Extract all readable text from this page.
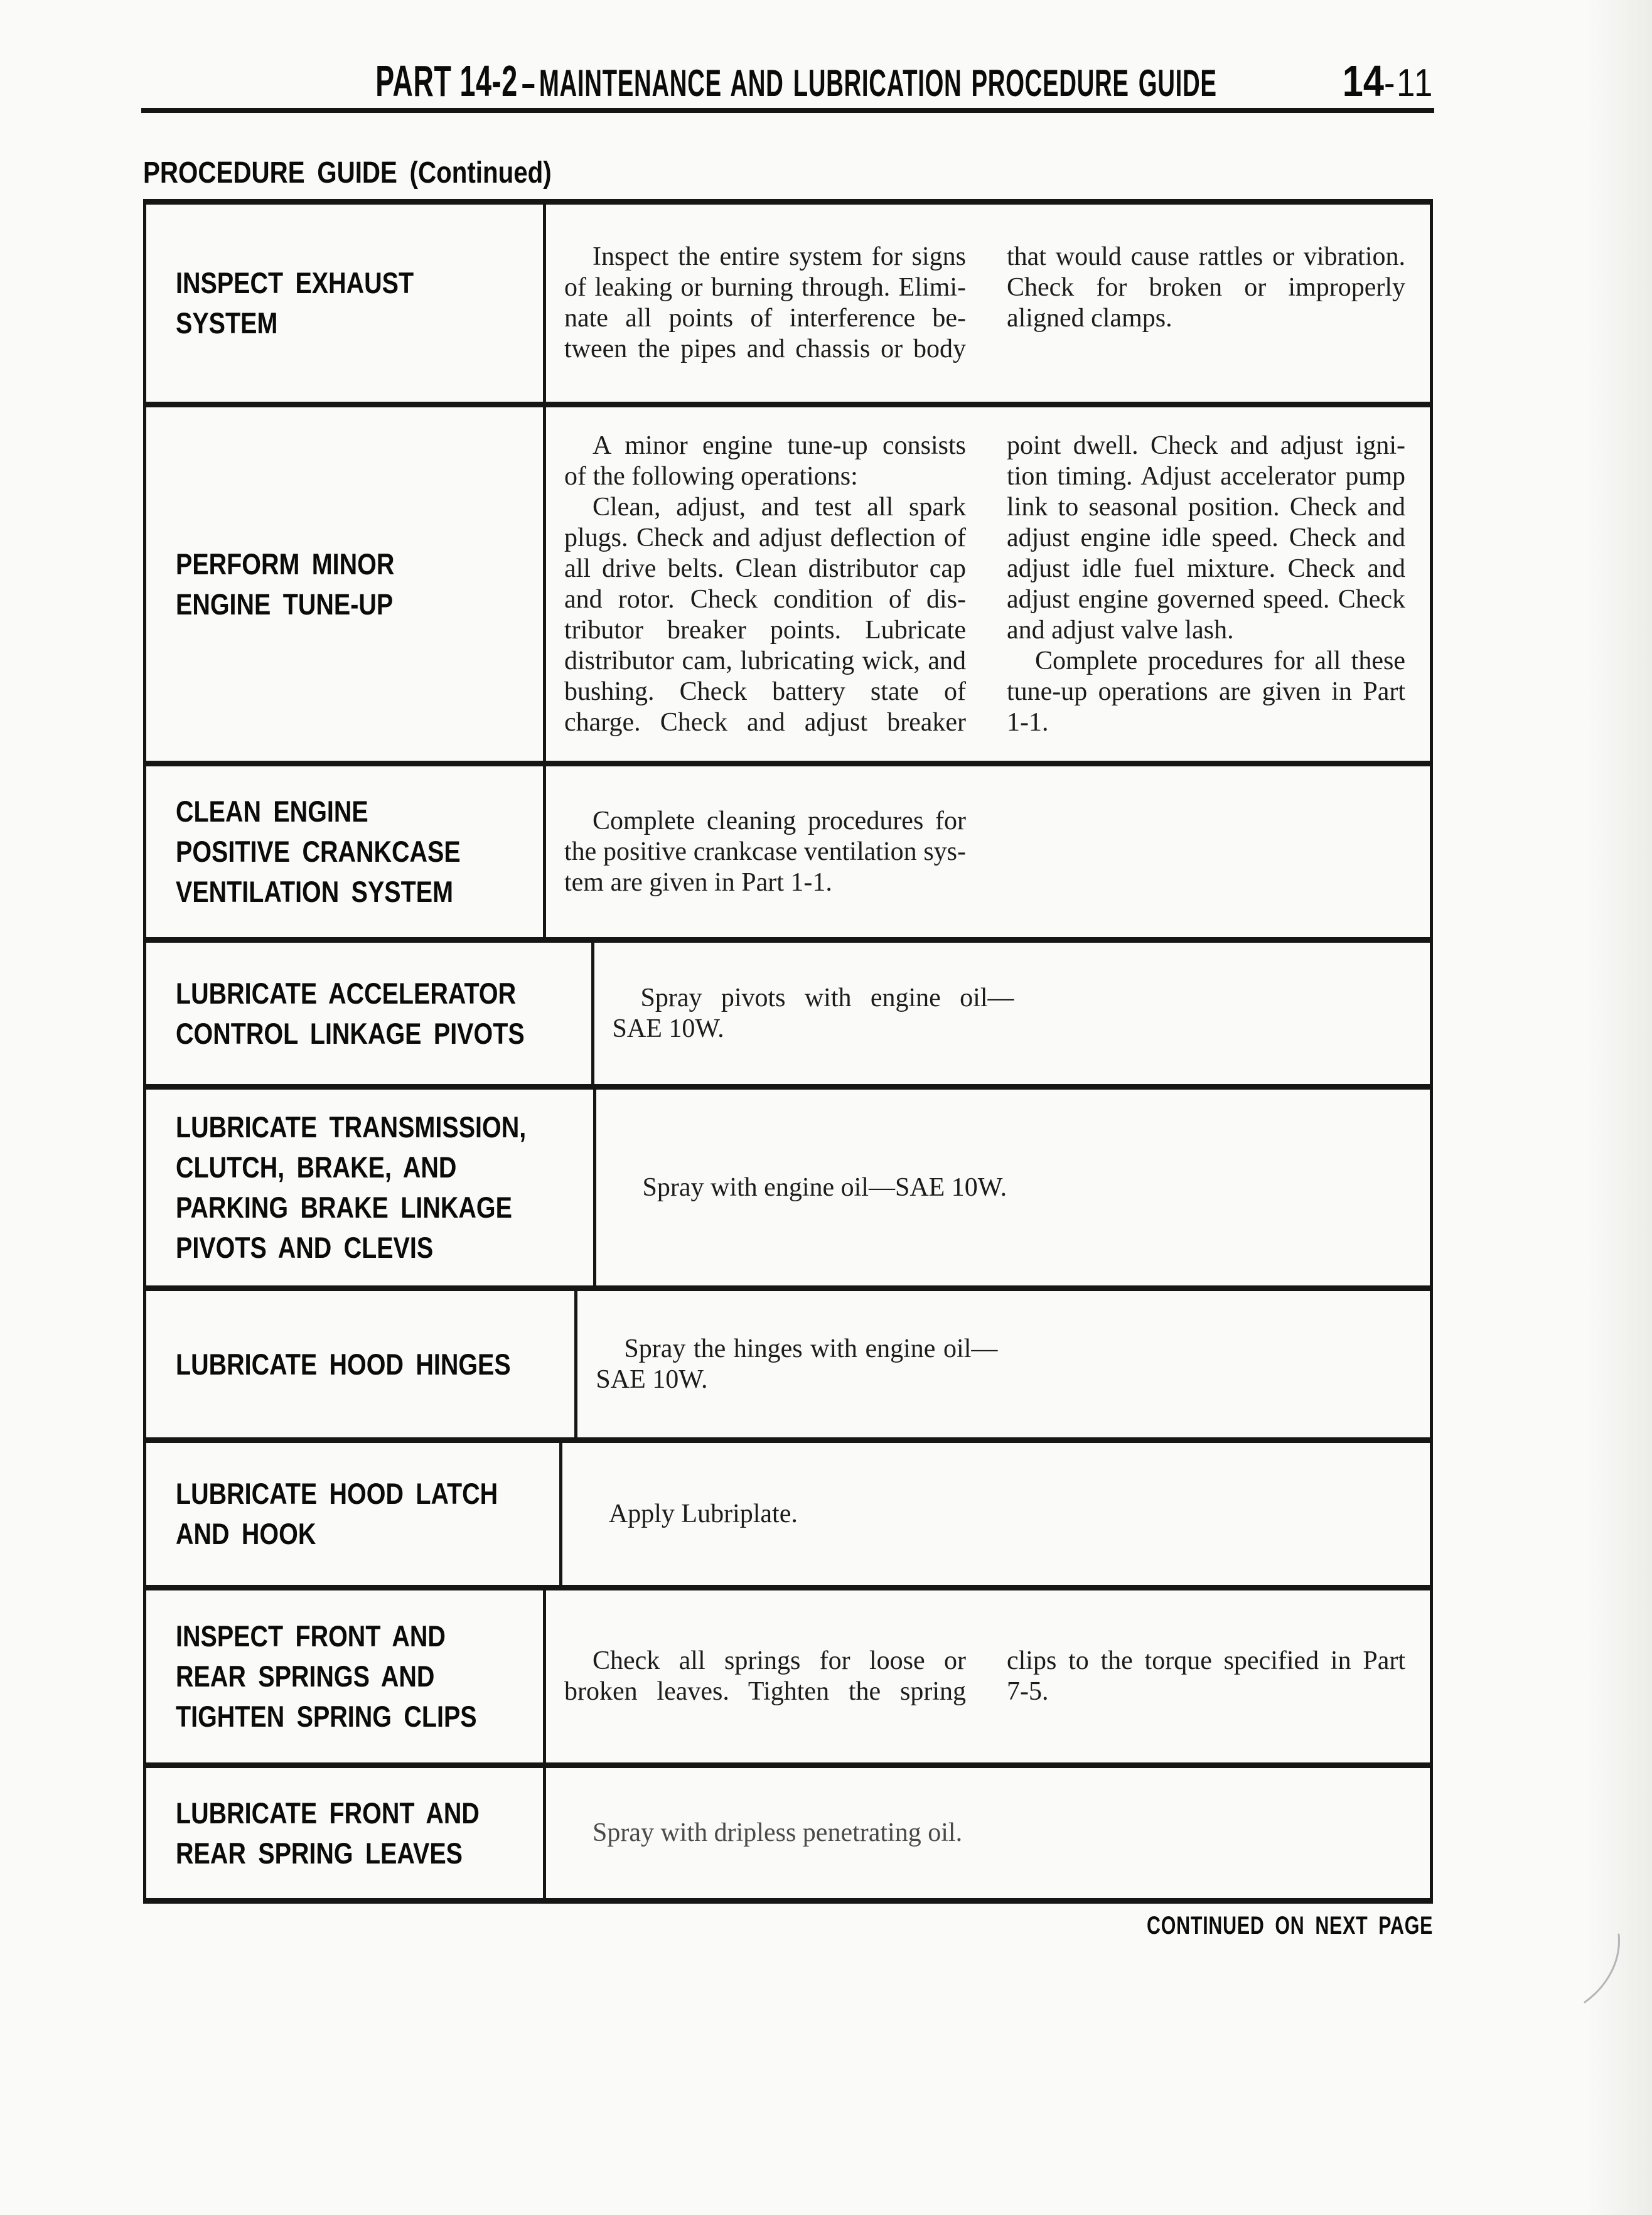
PART 14-2 – MAINTENANCE AND LUBRICATION PROCEDURE GUIDE	14-11
PROCEDURE GUIDE (Continued)
INSPECT EXHAUST
SYSTEM
Inspect the entire system for signs
of leaking or burning through. Elimi-
nate all points of interference be-
tween the pipes and chassis or body
that would cause rattles or vibration.
Check for broken or improperly
aligned clamps.
PERFORM MINOR
ENGINE TUNE-UP
A minor engine tune-up consists
of the following operations:
Clean, adjust, and test all spark
plugs. Check and adjust deflection of
all drive belts. Clean distributor cap
and rotor. Check condition of dis-
tributor breaker points. Lubricate
distributor cam, lubricating wick, and
bushing. Check battery state of
charge. Check and adjust breaker
point dwell. Check and adjust igni-
tion timing. Adjust accelerator pump
link to seasonal position. Check and
adjust engine idle speed. Check and
adjust idle fuel mixture. Check and
adjust engine governed speed. Check
and adjust valve lash.
Complete procedures for all these
tune-up operations are given in Part
1-1.
CLEAN ENGINE
POSITIVE CRANKCASE
VENTILATION SYSTEM
Complete cleaning procedures for
the positive crankcase ventilation sys-
tem are given in Part 1-1.
LUBRICATE ACCELERATOR
CONTROL LINKAGE PIVOTS
Spray pivots with engine oil—
SAE 10W.
LUBRICATE TRANSMISSION,
CLUTCH, BRAKE, AND
PARKING BRAKE LINKAGE
PIVOTS AND CLEVIS
Spray with engine oil—SAE 10W.
LUBRICATE HOOD HINGES	Spray the hinges with engine oil—
SAE 10W.
LUBRICATE HOOD LATCH
AND HOOK
Apply Lubriplate.
INSPECT FRONT AND
REAR SPRINGS AND
TIGHTEN SPRING CLIPS
Check all springs for loose or
broken leaves. Tighten the spring
clips to the torque specified in Part
7-5.
LUBRICATE FRONT AND
REAR SPRING LEAVES
Spray with dripless penetrating oil.
CONTINUED ON NEXT PAGE
